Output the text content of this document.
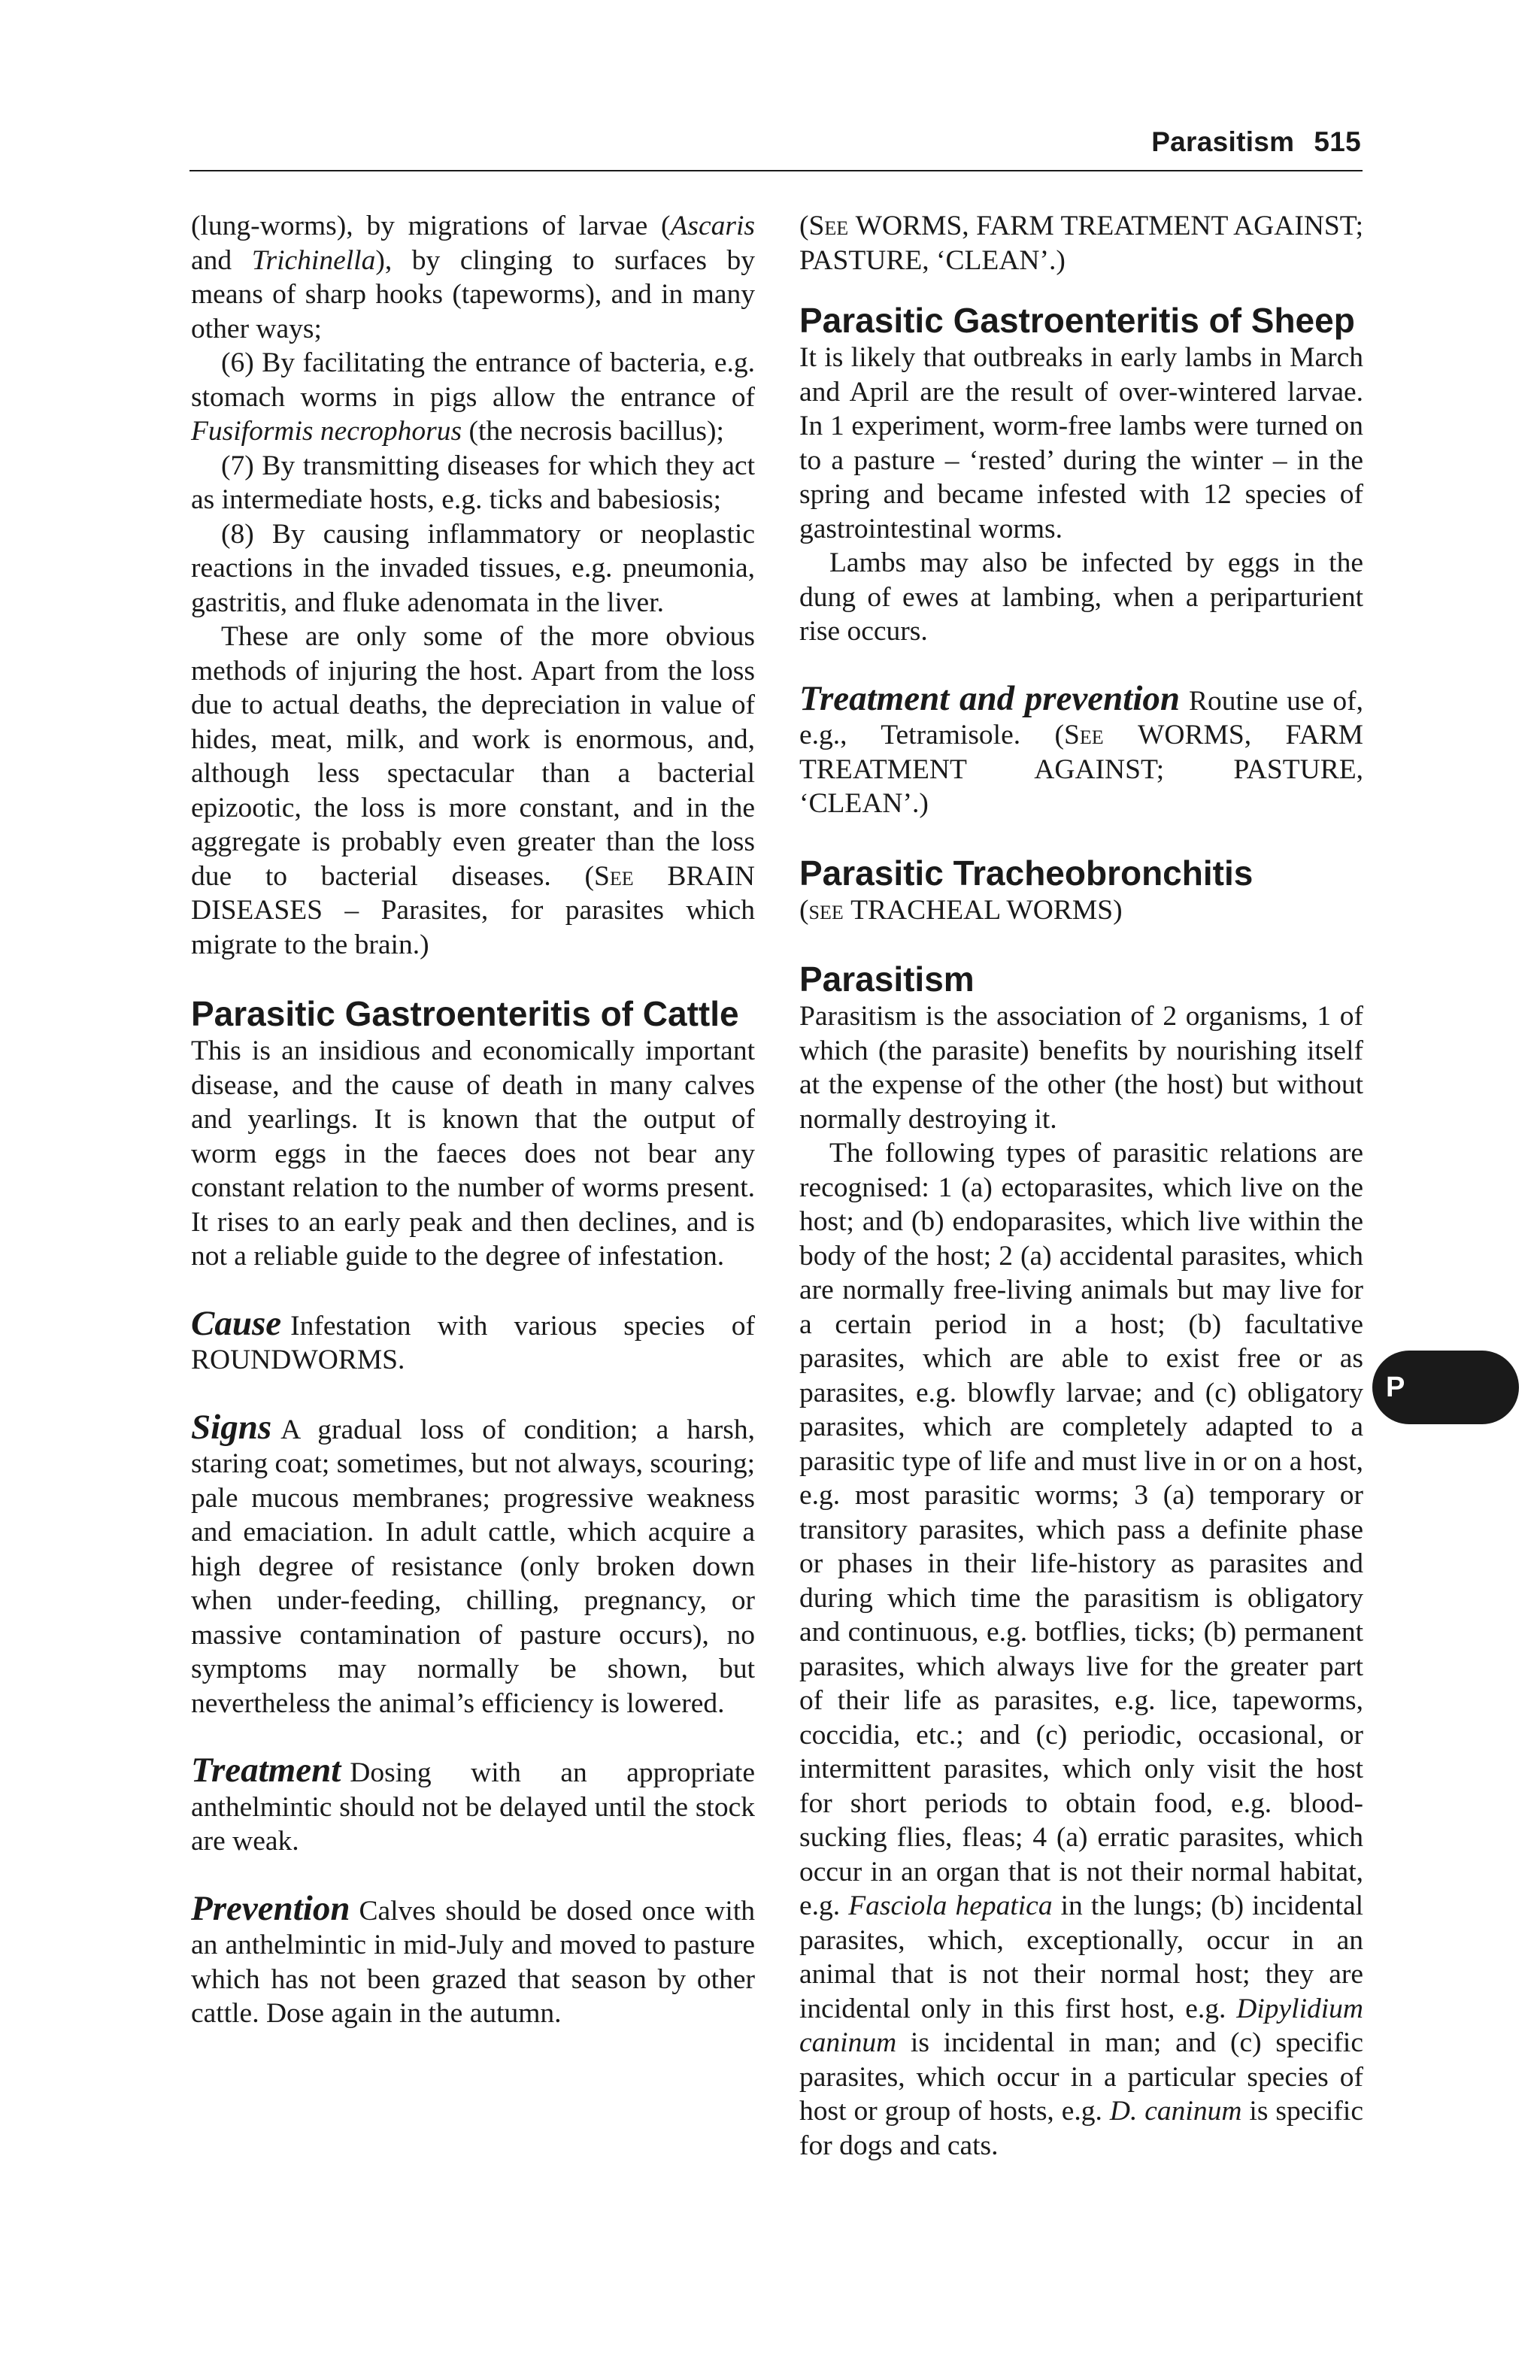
Parasitism 515

(lung-worms), by migrations of larvae (Ascaris and Trichinella), by clinging to surfaces by means of sharp hooks (tapeworms), and in many other ways;

(6) By facilitating the entrance of bacteria, e.g. stomach worms in pigs allow the entrance of Fusiformis necrophorus (the necrosis bacillus);

(7) By transmitting diseases for which they act as intermediate hosts, e.g. ticks and babesiosis;

(8) By causing inflammatory or neoplastic reactions in the invaded tissues, e.g. pneumonia, gastritis, and fluke adenomata in the liver.

These are only some of the more obvious methods of injuring the host. Apart from the loss due to actual deaths, the depreciation in value of hides, meat, milk, and work is enormous, and, although less spectacular than a bacterial epizootic, the loss is more constant, and in the aggregate is probably even greater than the loss due to bacterial diseases. (See BRAIN DISEASES – Parasites, for parasites which migrate to the brain.)

Parasitic Gastroenteritis of Cattle

This is an insidious and economically important disease, and the cause of death in many calves and yearlings. It is known that the output of worm eggs in the faeces does not bear any constant relation to the number of worms present. It rises to an early peak and then declines, and is not a reliable guide to the degree of infestation.

Cause Infestation with various species of ROUNDWORMS.

Signs A gradual loss of condition; a harsh, staring coat; sometimes, but not always, scouring; pale mucous membranes; progressive weakness and emaciation. In adult cattle, which acquire a high degree of resistance (only broken down when under-feeding, chilling, pregnancy, or massive contamination of pasture occurs), no symptoms may normally be shown, but nevertheless the animal’s efficiency is lowered.

Treatment Dosing with an appropriate anthelmintic should not be delayed until the stock are weak.

Prevention Calves should be dosed once with an anthelmintic in mid-July and moved to pasture which has not been grazed that season by other cattle. Dose again in the autumn.

(See WORMS, FARM TREATMENT AGAINST; PASTURE, ‘CLEAN’.)

Parasitic Gastroenteritis of Sheep

It is likely that outbreaks in early lambs in March and April are the result of over-wintered larvae. In 1 experiment, worm-free lambs were turned on to a pasture – ‘rested’ during the winter – in the spring and became infested with 12 species of gastrointestinal worms.

Lambs may also be infected by eggs in the dung of ewes at lambing, when a periparturient rise occurs.

Treatment and prevention Routine use of, e.g., Tetramisole. (See WORMS, FARM TREATMENT AGAINST; PASTURE, ‘CLEAN’.)

Parasitic Tracheobronchitis

(see TRACHEAL WORMS)

Parasitism

Parasitism is the association of 2 organisms, 1 of which (the parasite) benefits by nourishing itself at the expense of the other (the host) but without normally destroying it.

The following types of parasitic relations are recognised: 1 (a) ectoparasites, which live on the host; and (b) endoparasites, which live within the body of the host; 2 (a) accidental parasites, which are normally free-living animals but may live for a certain period in a host; (b) facultative parasites, which are able to exist free or as parasites, e.g. blowfly larvae; and (c) obligatory parasites, which are completely adapted to a parasitic type of life and must live in or on a host, e.g. most parasitic worms; 3 (a) temporary or transitory parasites, which pass a definite phase or phases in their life-history as parasites and during which time the parasitism is obligatory and continuous, e.g. botflies, ticks; (b) permanent parasites, which always live for the greater part of their life as parasites, e.g. lice, tapeworms, coccidia, etc.; and (c) periodic, occasional, or intermittent parasites, which only visit the host for short periods to obtain food, e.g. blood-sucking flies, fleas; 4 (a) erratic parasites, which occur in an organ that is not their normal habitat, e.g. Fasciola hepatica in the lungs; (b) incidental parasites, which, exceptionally, occur in an animal that is not their normal host; they are incidental only in this first host, e.g. Dipylidium caninum is incidental in man; and (c) specific parasites, which occur in a particular species of host or group of hosts, e.g. D. caninum is specific for dogs and cats.

P
